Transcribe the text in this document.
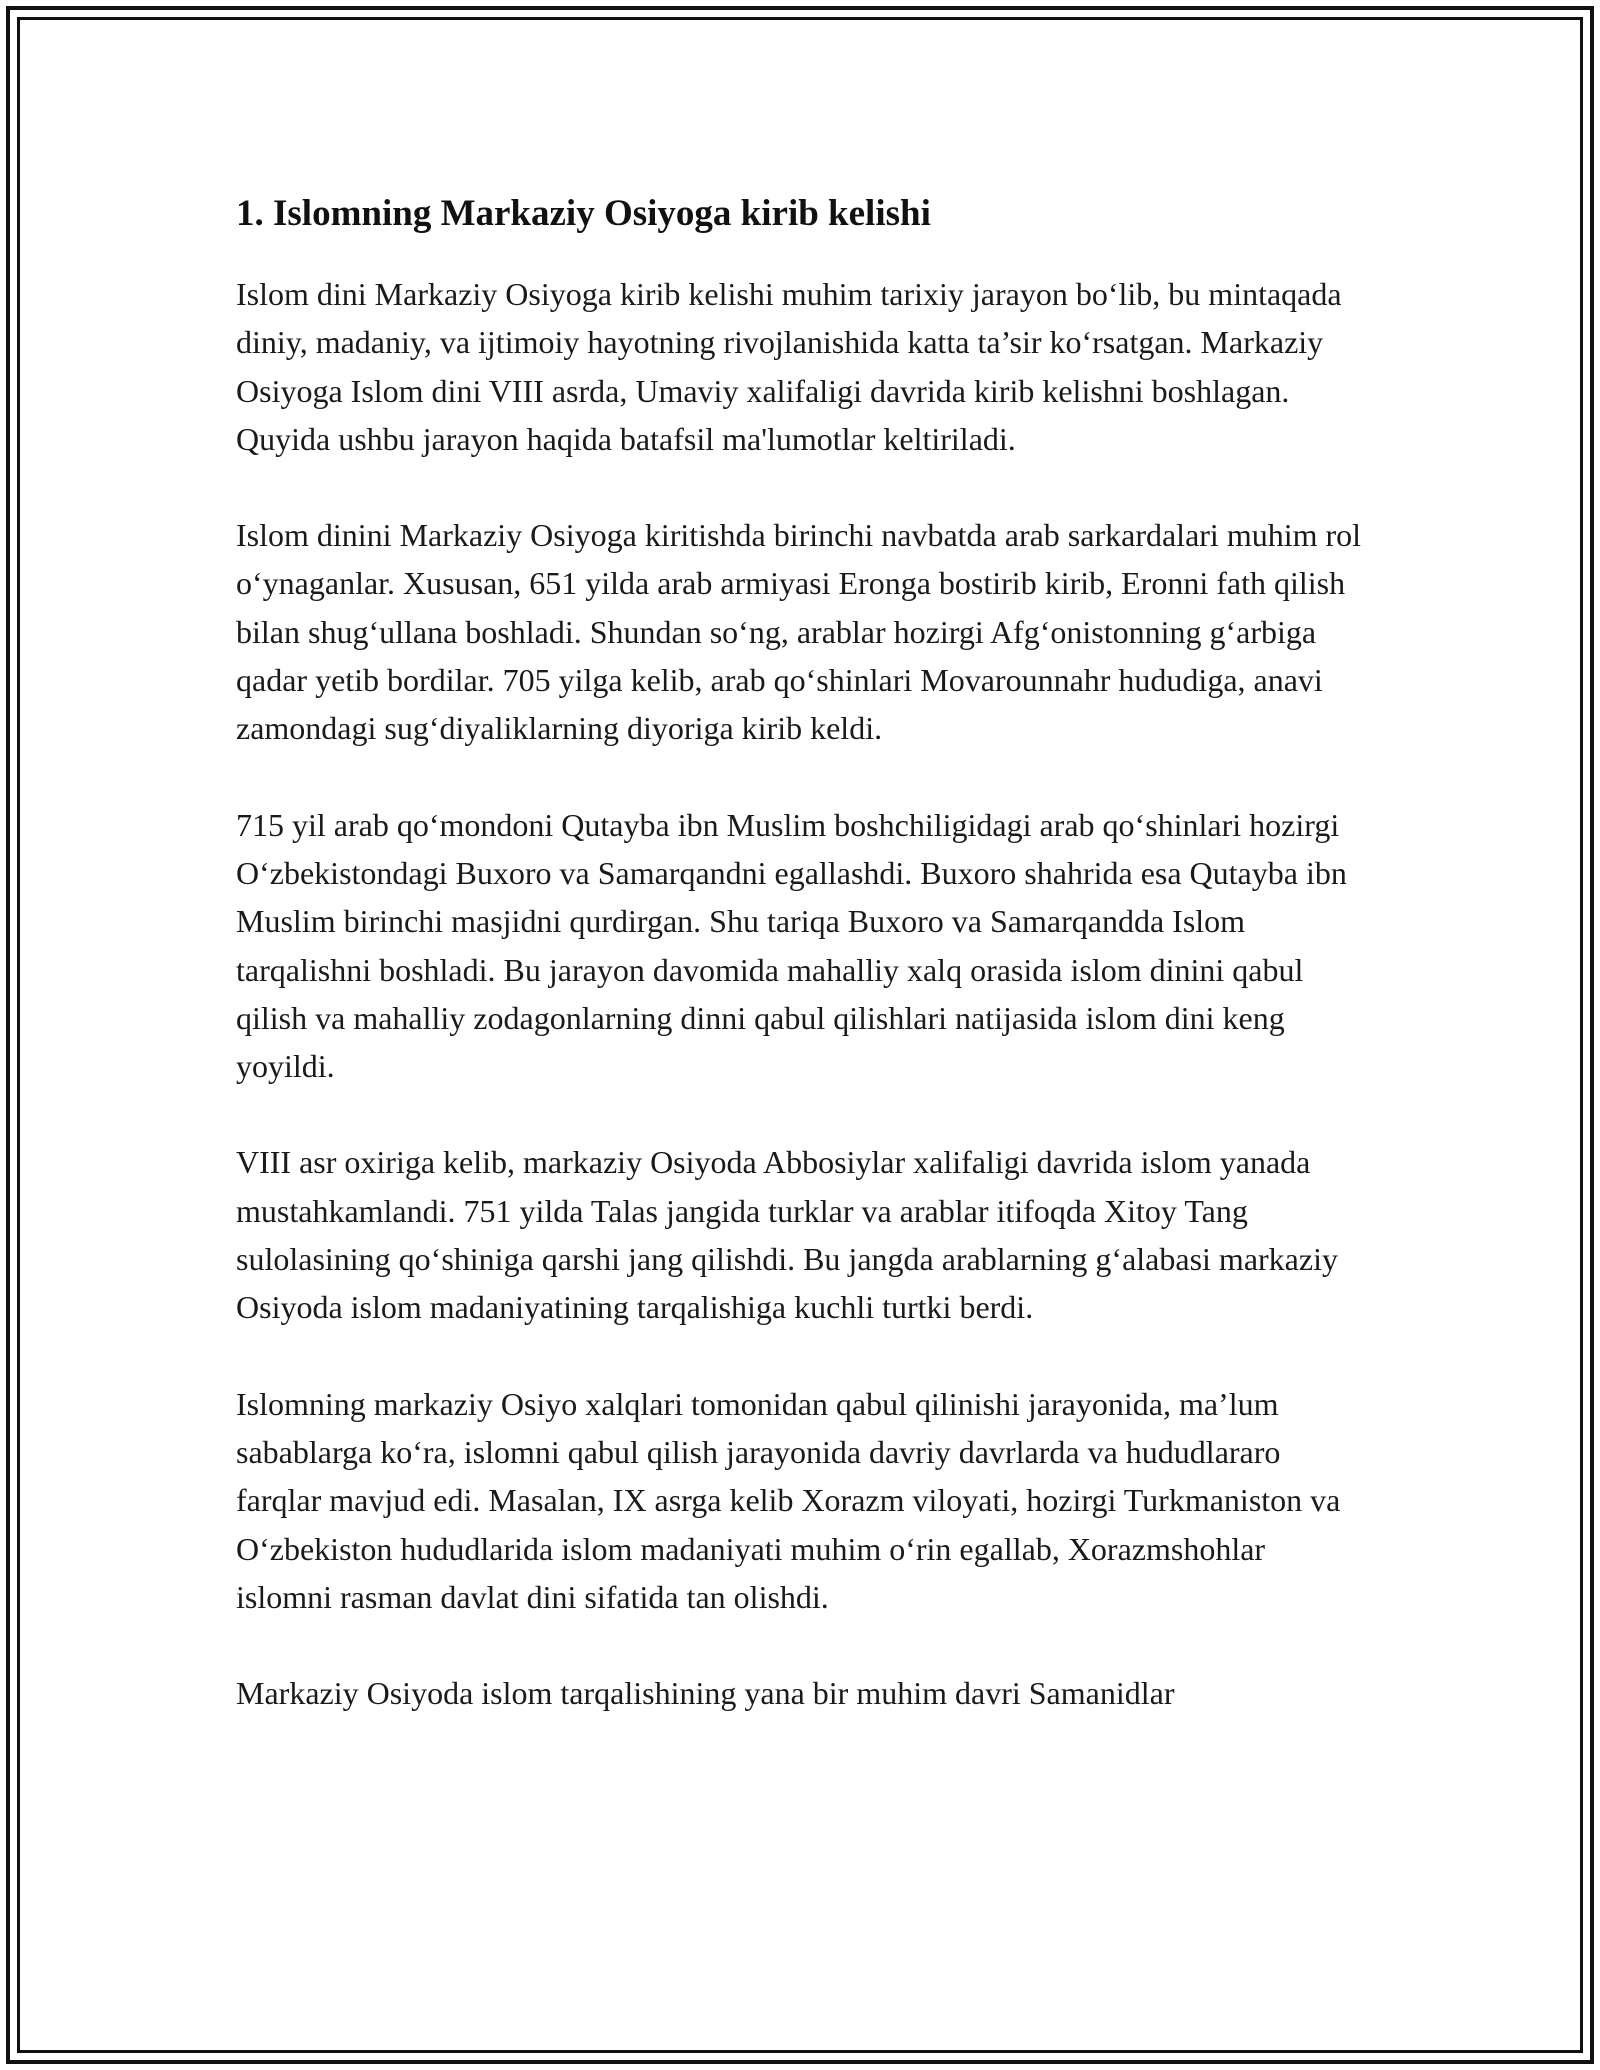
1. Islomning Markaziy Osiyoga kirib kelishi

Islom dini Markaziy Osiyoga kirib kelishi muhim tarixiy jarayon bo‘lib, bu mintaqada diniy, madaniy, va ijtimoiy hayotning rivojlanishida katta ta’sir ko‘rsatgan. Markaziy Osiyoga Islom dini VIII asrda, Umaviy xalifaligi davrida kirib kelishni boshlagan. Quyida ushbu jarayon haqida batafsil ma'lumotlar keltiriladi.

Islom dinini Markaziy Osiyoga kiritishda birinchi navbatda arab sarkardalari muhim rol o‘ynaganlar. Xususan, 651 yilda arab armiyasi Eronga bostirib kirib, Eronni fath qilish bilan shug‘ullana boshladi. Shundan so‘ng, arablar hozirgi Afg‘onistonning g‘arbiga qadar yetib bordilar. 705 yilga kelib, arab qo‘shinlari Movarounnahr hududiga, anavi zamondagi sug‘diyaliklarning diyoriga kirib keldi.

715 yil arab qo‘mondoni Qutayba ibn Muslim boshchiligidagi arab qo‘shinlari hozirgi O‘zbekistondagi Buxoro va Samarqandni egallashdi. Buxoro shahrida esa Qutayba ibn Muslim birinchi masjidni qurdirgan. Shu tariqa Buxoro va Samarqandda Islom tarqalishni boshladi. Bu jarayon davomida mahalliy xalq orasida islom dinini qabul qilish va mahalliy zodagonlarning dinni qabul qilishlari natijasida islom dini keng yoyildi.

VIII asr oxiriga kelib, markaziy Osiyoda Abbosiylar xalifaligi davrida islom yanada mustahkamlandi. 751 yilda Talas jangida turklar va arablar itifoqda Xitoy Tang sulolasining qo‘shiniga qarshi jang qilishdi. Bu jangda arablarning g‘alabasi markaziy Osiyoda islom madaniyatining tarqalishiga kuchli turtki berdi.

Islomning markaziy Osiyo xalqlari tomonidan qabul qilinishi jarayonida, ma’lum sabablarga ko‘ra, islomni qabul qilish jarayonida davriy davrlarda va hududlararo farqlar mavjud edi. Masalan, IX asrga kelib Xorazm viloyati, hozirgi Turkmaniston va O‘zbekiston hududlarida islom madaniyati muhim o‘rin egallab, Xorazmshohlar islomni rasman davlat dini sifatida tan olishdi.

Markaziy Osiyoda islom tarqalishining yana bir muhim davri Samanidlar
